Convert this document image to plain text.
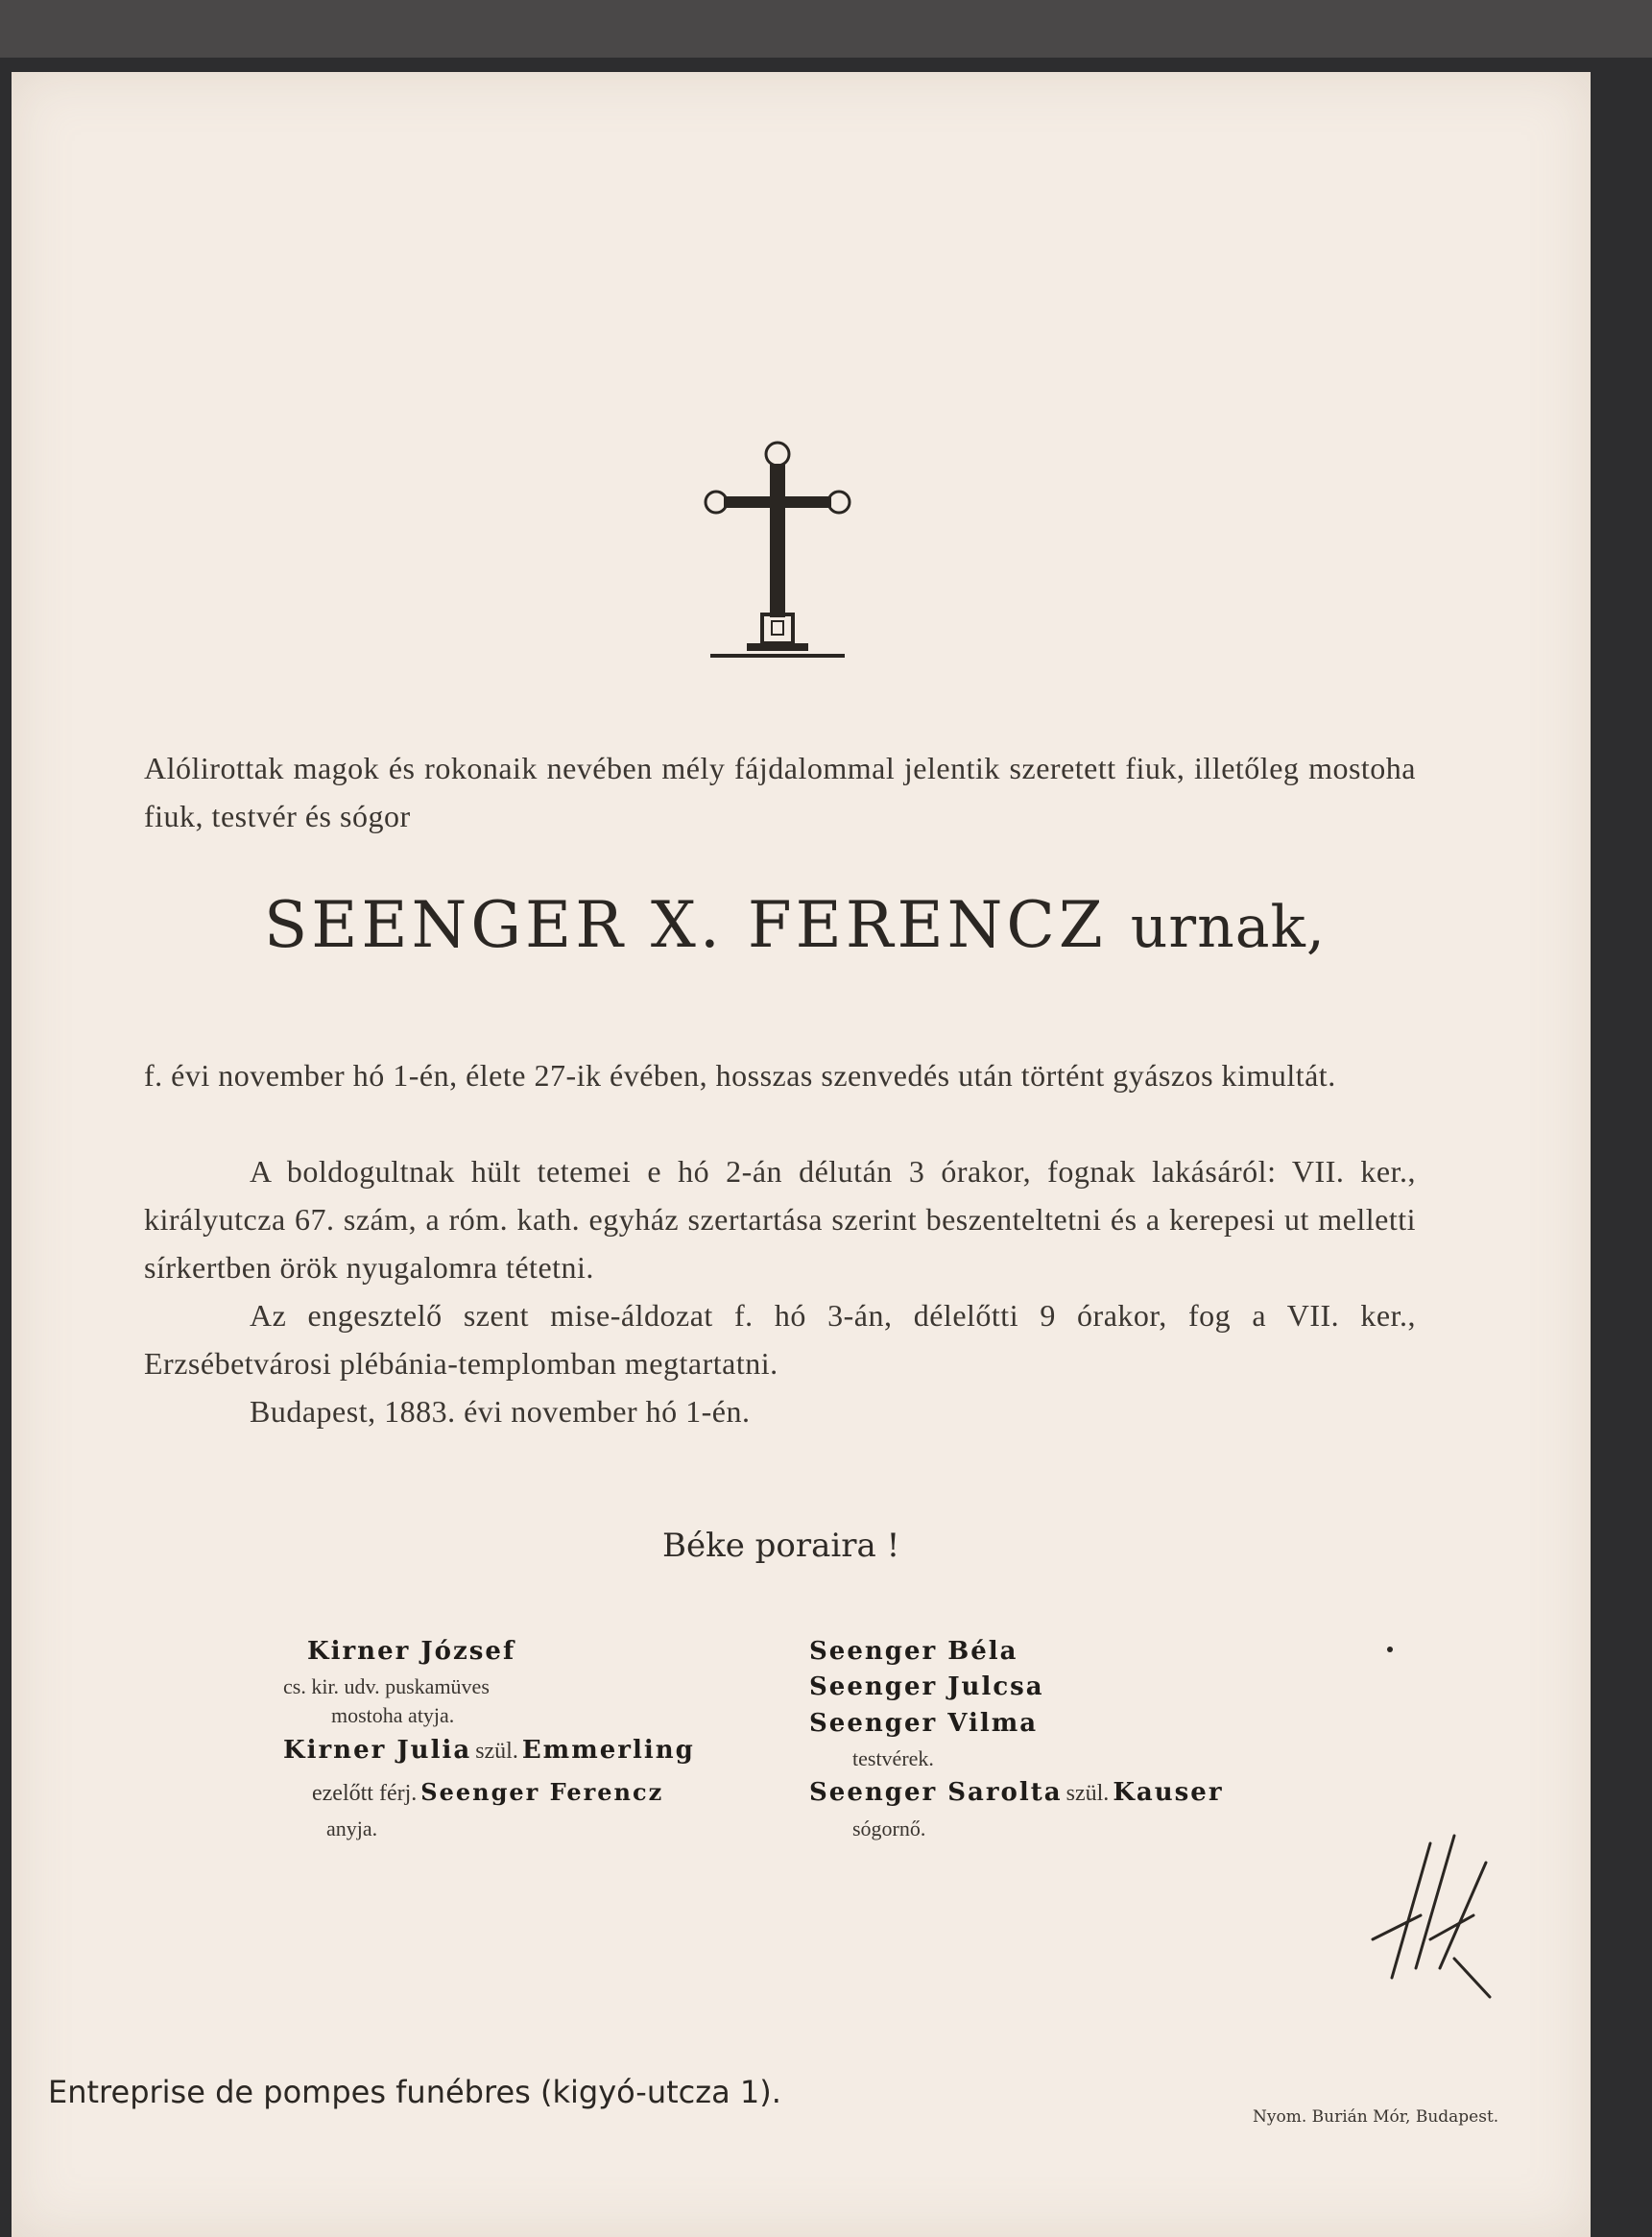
Alólirottak magok és rokonaik nevében mély fájdalommal jelentik szeretett fiuk, illetőleg mostoha fiuk, testvér és sógor
SEENGER X. FERENCZ urnak,
f. évi november hó 1-én, élete 27-ik évében, hosszas szenvedés után történt gyászos kimultát.
A boldogultnak hült tetemei e hó 2-án délután 3 órakor, fognak lakásáról: VII. ker., királyutcza 67. szám, a róm. kath. egyház szertartása szerint beszenteltetni és a kerepesi ut melletti sírkertben örök nyugalomra tétetni.
Az engesztelő szent mise-áldozat f. hó 3-án, délelőtti 9 órakor, fog a VII. ker., Erzsébetvárosi plébánia-templomban megtartatni.
Budapest, 1883. évi november hó 1-én.
Béke poraira !
Kirner József
cs. kir. udv. puskamüves
mostoha atyja.
Kirner Julia szül. Emmerling
ezelőtt férj. Seenger Ferencz
anyja.
Seenger Béla
Seenger Julcsa
Seenger Vilma
testvérek.
Seenger Sarolta szül. Kauser
sógornő.
Entreprise de pompes funébres (kigyó-utcza 1).
Nyom. Burián Mór, Budapest.
